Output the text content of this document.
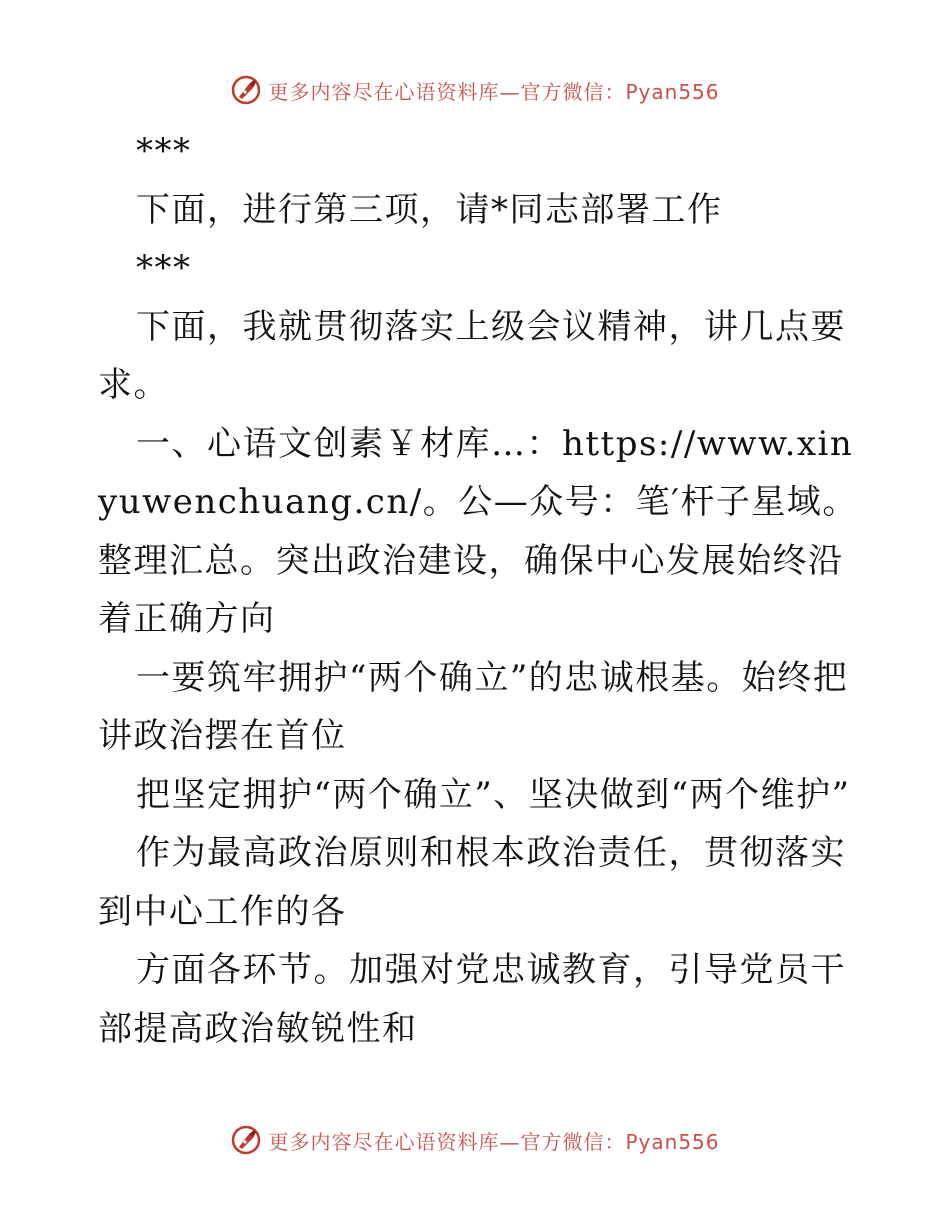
更多内容尽在心语资料库—官方微信：Pyan556

***

下面，进行第三项，请*同志部署工作

***

下面，我就贯彻落实上级会议精神，讲几点要求。

一、心语文创素￥材库…：https://www.xinyuwenchuang.cn/。公—众号：笔′杆子星域。整理汇总。突出政治建设，确保中心发展始终沿着正确方向

一要筑牢拥护“两个确立”的忠诚根基。始终把讲政治摆在首位

把坚定拥护“两个确立”、坚决做到“两个维护”

作为最高政治原则和根本政治责任，贯彻落实到中心工作的各

方面各环节。加强对党忠诚教育，引导党员干部提高政治敏锐性和

更多内容尽在心语资料库—官方微信：Pyan556
